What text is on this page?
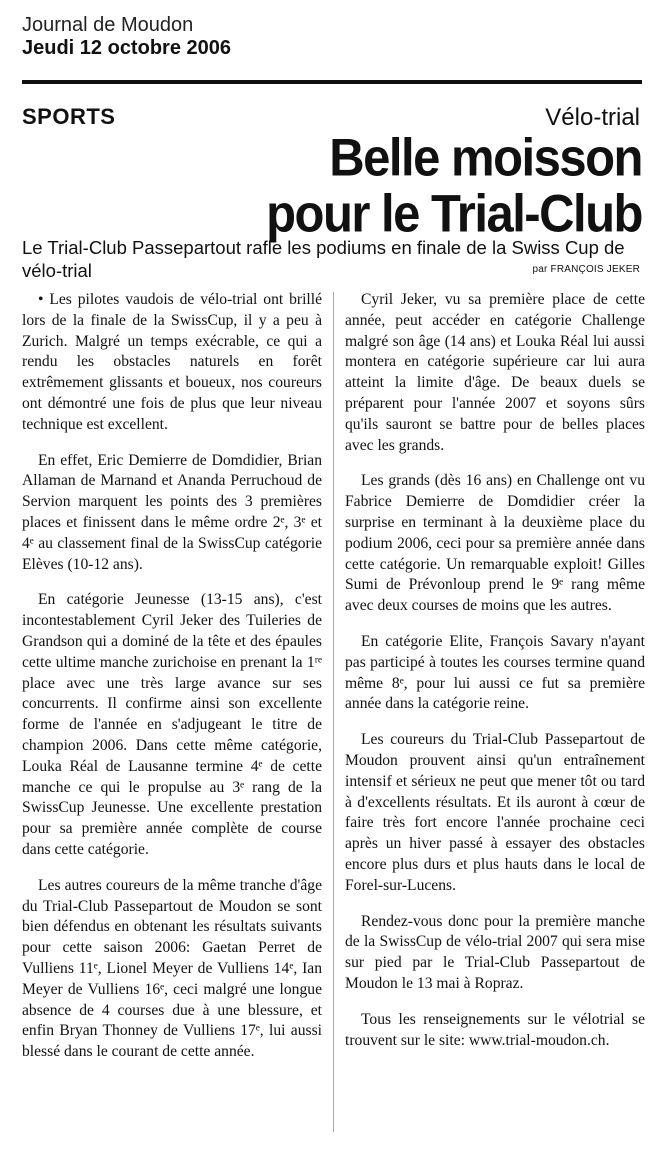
Journal de Moudon
Jeudi 12 octobre 2006
SPORTS	Vélo-trial
Belle moisson
pour le Trial-Club
Le Trial-Club Passepartout rafle les podiums en finale de la Swiss Cup de vélo-trial	par FRANÇOIS JEKER

• Les pilotes vaudois de vélo-trial ont brillé lors de la finale de la SwissCup, il y a peu à Zurich. Malgré un temps exécrable, ce qui a rendu les obstacles naturels en forêt extrêmement glissants et boueux, nos coureurs ont démontré une fois de plus que leur niveau technique est excellent.

En effet, Eric Demierre de Domdidier, Brian Allaman de Marnand et Ananda Perruchoud de Servion marquent les points des 3 premières places et finissent dans le même ordre 2ᵉ, 3ᵉ et 4ᵉ au classement final de la SwissCup catégorie Elèves (10-12 ans).

En catégorie Jeunesse (13-15 ans), c'est incontestablement Cyril Jeker des Tuileries de Grandson qui a dominé de la tête et des épaules cette ultime manche zurichoise en prenant la 1ʳᵉ place avec une très large avance sur ses concurrents. Il confirme ainsi son excellente forme de l'année en s'adjugeant le titre de champion 2006. Dans cette même catégorie, Louka Réal de Lausanne termine 4ᵉ de cette manche ce qui le propulse au 3ᵉ rang de la SwissCup Jeunesse. Une excellente prestation pour sa première année complète de course dans cette catégorie.

Les autres coureurs de la même tranche d'âge du Trial-Club Passepartout de Moudon se sont bien défendus en obtenant les résultats suivants pour cette saison 2006: Gaetan Perret de Vulliens 11ᵉ, Lionel Meyer de Vulliens 14ᵉ, Ian Meyer de Vulliens 16ᵉ, ceci malgré une longue absence de 4 courses due à une blessure, et enfin Bryan Thonney de Vulliens 17ᵉ, lui aussi blessé dans le courant de cette année.

Cyril Jeker, vu sa première place de cette année, peut accéder en catégorie Challenge malgré son âge (14 ans) et Louka Réal lui aussi montera en catégorie supérieure car lui aura atteint la limite d'âge. De beaux duels se préparent pour l'année 2007 et soyons sûrs qu'ils sauront se battre pour de belles places avec les grands.

Les grands (dès 16 ans) en Challenge ont vu Fabrice Demierre de Domdidier créer la surprise en terminant à la deuxième place du podium 2006, ceci pour sa première année dans cette catégorie. Un remarquable exploit! Gilles Sumi de Prévonloup prend le 9ᵉ rang même avec deux courses de moins que les autres.

En catégorie Elite, François Savary n'ayant pas participé à toutes les courses termine quand même 8ᵉ, pour lui aussi ce fut sa première année dans la catégorie reine.

Les coureurs du Trial-Club Passepartout de Moudon prouvent ainsi qu'un entraînement intensif et sérieux ne peut que mener tôt ou tard à d'excellents résultats. Et ils auront à cœur de faire très fort encore l'année prochaine ceci après un hiver passé à essayer des obstacles encore plus durs et plus hauts dans le local de Forel-sur-Lucens.

Rendez-vous donc pour la première manche de la SwissCup de vélo-trial 2007 qui sera mise sur pied par le Trial-Club Passepartout de Moudon le 13 mai à Ropraz.

Tous les renseignements sur le vélotrial se trouvent sur le site: www.trial-moudon.ch.
